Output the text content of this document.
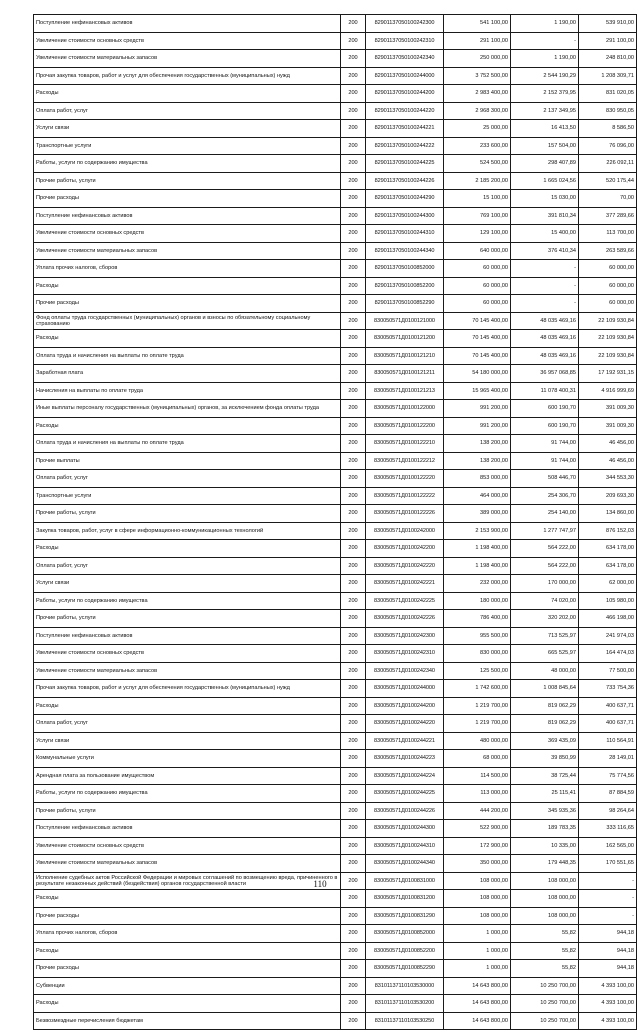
Поступление нефинансовых активов	200	82901137050100242300	541 100,00	1 190,00	539 910,00
Увеличение стоимости основных средств	200	82901137050100242310	291 100,00	-	291 100,00
Увеличение стоимости материальных запасов	200	82901137050100242340	250 000,00	1 190,00	248 810,00
Прочая закупка товаров, работ и услуг для обеспечения государственных (муниципальных) нужд	200	82901137050100244000	3 752 500,00	2 544 190,29	1 208 309,71
Расходы	200	82901137050100244200	2 983 400,00	2 152 379,95	831 020,05
Оплата работ, услуг	200	82901137050100244220	2 968 300,00	2 137 349,95	830 950,05
Услуги связи	200	82901137050100244221	25 000,00	16 413,50	8 586,50
Транспортные услуги	200	82901137050100244222	233 600,00	157 504,00	76 096,00
Работы, услуги по содержанию имущества	200	82901137050100244225	524 500,00	298 407,89	226 092,11
Прочие работы, услуги	200	82901137050100244226	2 185 200,00	1 665 024,56	520 175,44
Прочие расходы	200	82901137050100244290	15 100,00	15 030,00	70,00
Поступление нефинансовых активов	200	82901137050100244300	769 100,00	391 810,34	377 289,66
Увеличение стоимости основных средств	200	82901137050100244310	129 100,00	15 400,00	113 700,00
Увеличение стоимости материальных запасов	200	82901137050100244340	640 000,00	376 410,34	263 589,66
Уплата прочих налогов, сборов	200	82901137050100852000	60 000,00	-	60 000,00
Расходы	200	82901137050100852200	60 000,00	-	60 000,00
Прочие расходы	200	82901137050100852290	60 000,00	-	60 000,00
Фонд оплаты труда государственных (муниципальных) органов и взносы по обязательному социальному страхованию	200	830050571Д0100121000	70 145 400,00	48 035 469,16	22 109 930,84
Расходы	200	830050571Д0100121200	70 145 400,00	48 035 469,16	22 109 930,84
Оплата труда и начисления на выплаты по оплате труда	200	830050571Д0100121210	70 145 400,00	48 035 469,16	22 109 930,84
Заработная плата	200	830050571Д0100121211	54 180 000,00	36 957 068,85	17 192 931,15
Начисления на выплаты по оплате труда	200	830050571Д0100121213	15 965 400,00	11 078 400,31	4 916 999,69
Иные выплаты персоналу государственных (муниципальных) органов, за исключением фонда оплаты труда	200	830050571Д0100122000	991 200,00	600 190,70	391 009,30
Расходы	200	830050571Д0100122200	991 200,00	600 190,70	391 009,30
Оплата труда и начисления на выплаты по оплате труда	200	830050571Д0100122210	138 200,00	91 744,00	46 456,00
Прочие выплаты	200	830050571Д0100122212	138 200,00	91 744,00	46 456,00
Оплата работ, услуг	200	830050571Д0100122220	853 000,00	508 446,70	344 553,30
Транспортные услуги	200	830050571Д0100122222	464 000,00	254 306,70	209 693,30
Прочие работы, услуги	200	830050571Д0100122226	389 000,00	254 140,00	134 860,00
Закупка товаров, работ, услуг в сфере информационно-коммуникационных технологий	200	830050571Д0100242000	2 153 900,00	1 277 747,97	876 152,03
Расходы	200	830050571Д0100242200	1 198 400,00	564 222,00	634 178,00
Оплата работ, услуг	200	830050571Д0100242220	1 198 400,00	564 222,00	634 178,00
Услуги связи	200	830050571Д0100242221	232 000,00	170 000,00	62 000,00
Работы, услуги по содержанию имущества	200	830050571Д0100242225	180 000,00	74 020,00	105 980,00
Прочие работы, услуги	200	830050571Д0100242226	786 400,00	320 202,00	466 198,00
Поступление нефинансовых активов	200	830050571Д0100242300	955 500,00	713 525,97	241 974,03
Увеличение стоимости основных средств	200	830050571Д0100242310	830 000,00	665 525,97	164 474,03
Увеличение стоимости материальных запасов	200	830050571Д0100242340	125 500,00	48 000,00	77 500,00
Прочая закупка товаров, работ и услуг для обеспечения государственных (муниципальных) нужд	200	830050571Д0100244000	1 742 600,00	1 008 845,64	733 754,36
Расходы	200	830050571Д0100244200	1 219 700,00	819 062,29	400 637,71
Оплата работ, услуг	200	830050571Д0100244220	1 219 700,00	819 062,29	400 637,71
Услуги связи	200	830050571Д0100244221	480 000,00	369 435,09	110 564,91
Коммунальные услуги	200	830050571Д0100244223	68 000,00	39 850,99	28 149,01
Арендная плата за пользование имуществом	200	830050571Д0100244224	114 500,00	38 725,44	75 774,56
Работы, услуги по содержанию имущества	200	830050571Д0100244225	113 000,00	25 115,41	87 884,59
Прочие работы, услуги	200	830050571Д0100244226	444 200,00	345 935,36	98 264,64
Поступление нефинансовых активов	200	830050571Д0100244300	522 900,00	189 783,35	333 116,65
Увеличение стоимости основных средств	200	830050571Д0100244310	172 900,00	10 335,00	162 565,00
Увеличение стоимости материальных запасов	200	830050571Д0100244340	350 000,00	179 448,35	170 551,65
Исполнение судебных актов Российской Федерации и мировых соглашений по возмещению вреда, причиненного в результате незаконных действий (бездействия) органов государственной власти	200	830050571Д0100831000	108 000,00	108 000,00	-
Расходы	200	830050571Д0100831200	108 000,00	108 000,00	-
Прочие расходы	200	830050571Д0100831290	108 000,00	108 000,00	-
Уплата прочих налогов, сборов	200	830050571Д0100852000	1 000,00	55,82	944,18
Расходы	200	830050571Д0100852200	1 000,00	55,82	944,18
Прочие расходы	200	830050571Д0100852290	1 000,00	55,82	944,18
Субвенции	200	83101137110103530000	14 643 800,00	10 250 700,00	4 393 100,00
Расходы	200	83101137110103530200	14 643 800,00	10 250 700,00	4 393 100,00
Безвозмездные перечисления бюджетам	200	83101137110103530250	14 643 800,00	10 250 700,00	4 393 100,00
110
